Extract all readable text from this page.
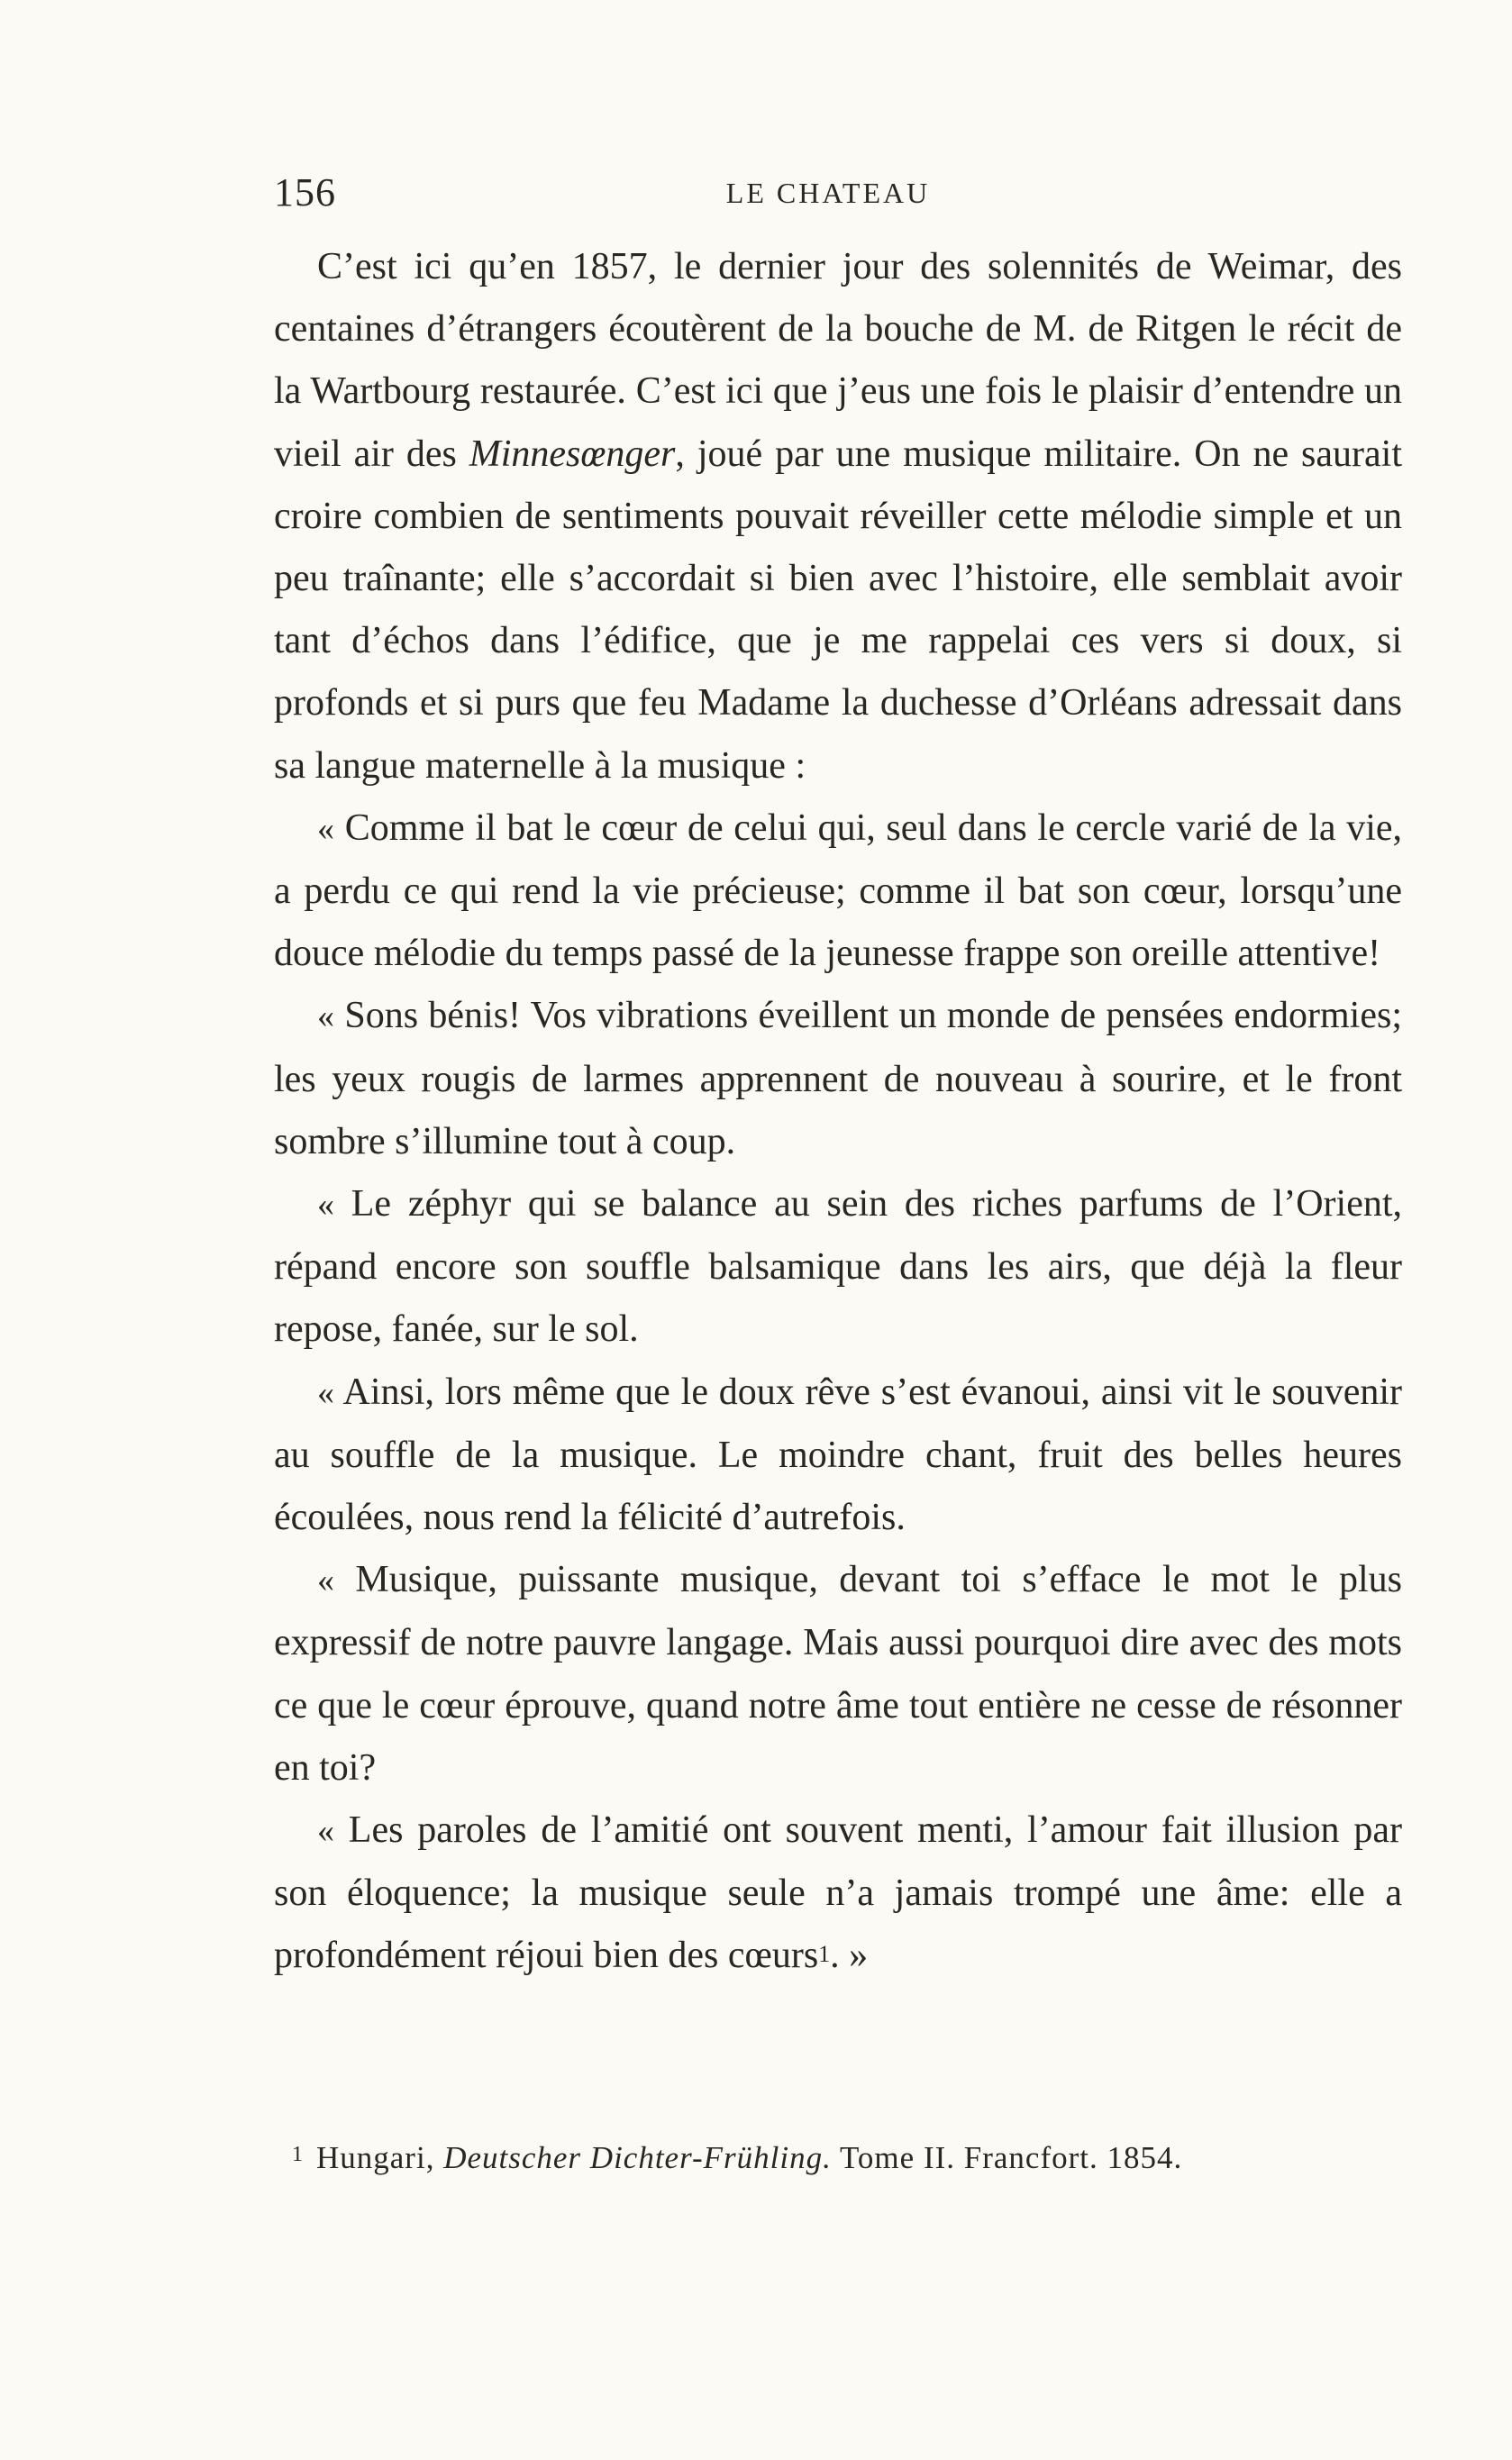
156	LE CHATEAU

C’est ici qu’en 1857, le dernier jour des solennités de Weimar, des centaines d’étrangers écoutèrent de la bouche de M. de Ritgen le récit de la Wartbourg restaurée. C’est ici que j’eus une fois le plaisir d’entendre un vieil air des Minnesœnger, joué par une musique militaire. On ne saurait croire combien de sentiments pouvait réveiller cette mélodie simple et un peu traînante; elle s’accordait si bien avec l’histoire, elle semblait avoir tant d’échos dans l’édifice, que je me rappelai ces vers si doux, si profonds et si purs que feu Madame la duchesse d’Orléans adressait dans sa langue maternelle à la musique :

« Comme il bat le cœur de celui qui, seul dans le cercle varié de la vie, a perdu ce qui rend la vie précieuse; comme il bat son cœur, lorsqu’une douce mélodie du temps passé de la jeunesse frappe son oreille attentive!

« Sons bénis! Vos vibrations éveillent un monde de pensées endormies; les yeux rougis de larmes apprennent de nouveau à sourire, et le front sombre s’illumine tout à coup.

« Le zéphyr qui se balance au sein des riches parfums de l’Orient, répand encore son souffle balsamique dans les airs, que déjà la fleur repose, fanée, sur le sol.

« Ainsi, lors même que le doux rêve s’est évanoui, ainsi vit le souvenir au souffle de la musique. Le moindre chant, fruit des belles heures écoulées, nous rend la félicité d’autrefois.

« Musique, puissante musique, devant toi s’efface le mot le plus expressif de notre pauvre langage. Mais aussi pourquoi dire avec des mots ce que le cœur éprouve, quand notre âme tout entière ne cesse de résonner en toi?

« Les paroles de l’amitié ont souvent menti, l’amour fait illusion par son éloquence; la musique seule n’a jamais trompé une âme: elle a profondément réjoui bien des cœurs$^1$. »

$^1$ Hungari, Deutscher Dichter-Frühling. Tome II. Francfort. 1854.
